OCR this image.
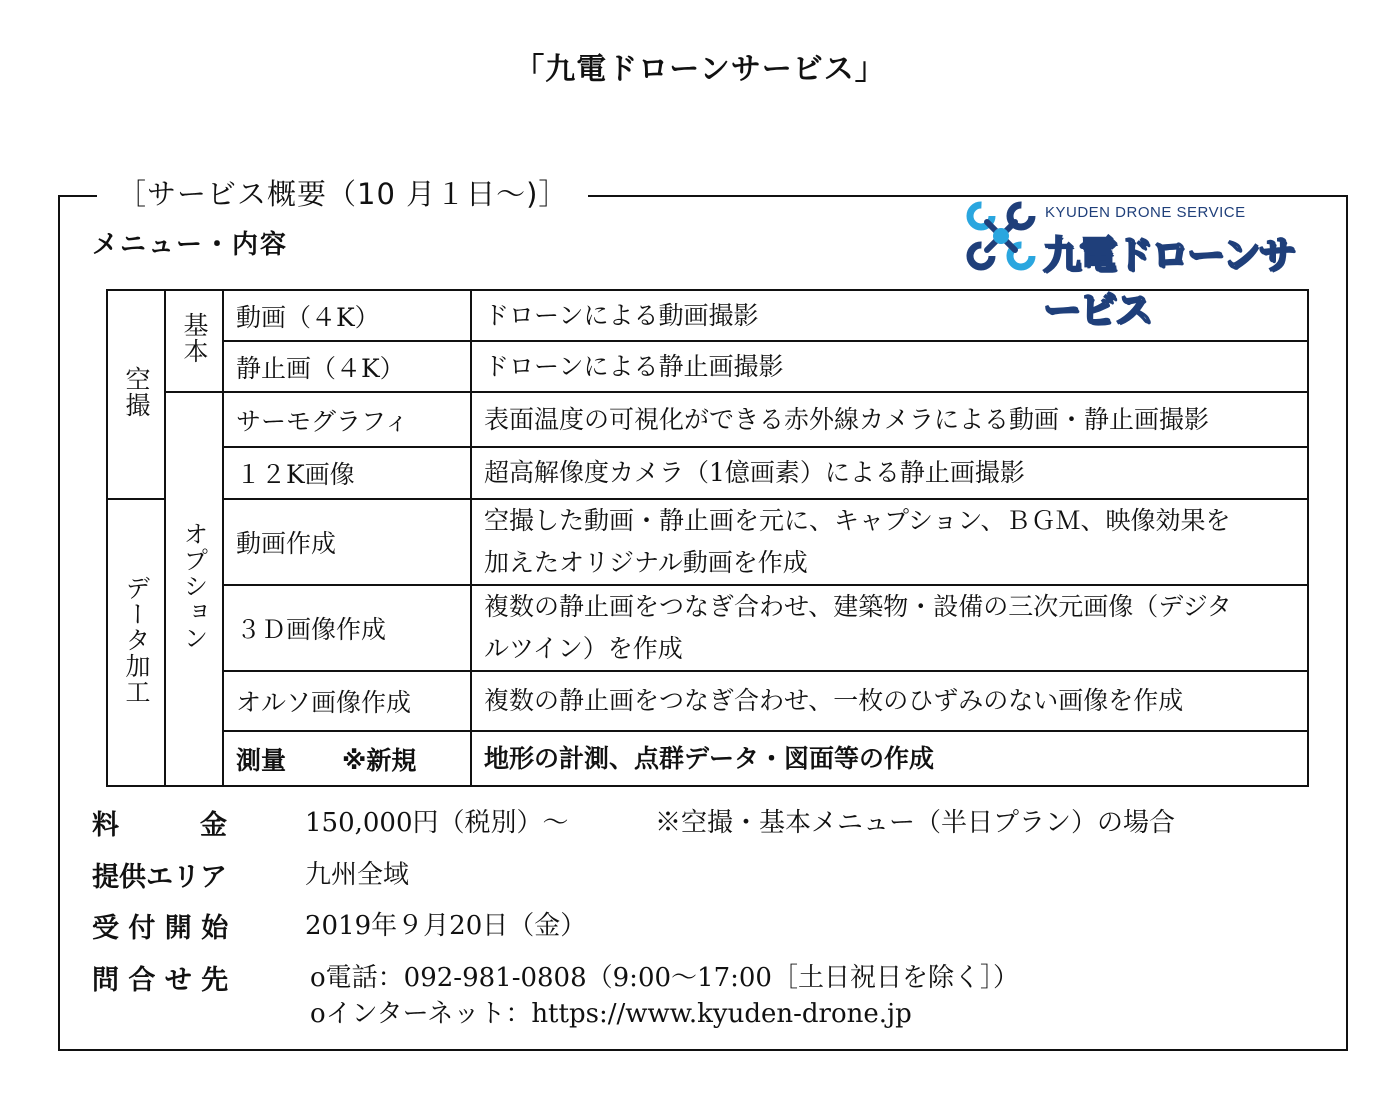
「九電ドローンサービス」
［サービス概要（10 月１日～)］
メニュー・内容
KYUDEN DRONE SERVICE
九電ドローンサービス
空撮	基本	動画（４K）	ドローンによる動画撮影
		静止画（４K）	ドローンによる静止画撮影
	オプション	サーモグラフィ	表面温度の可視化ができる赤外線カメラによる動画・静止画撮影
		１２K画像	超高解像度カメラ（1億画素）による静止画撮影
データ加工		動画作成	空撮した動画・静止画を元に、キャプション、ＢＧＭ、映像効果を
加えたオリジナル動画を作成

		３Ｄ画像作成	複数の静止画をつなぎ合わせ、建築物・設備の三次元画像（デジタ
ルツイン）を作成

		オルソ画像作成	複数の静止画をつなぎ合わせ、一枚のひずみのない画像を作成
		測量 ※新規	地形の計測、点群データ・図面等の作成
料　　　金	150,000円（税別）～	※空撮・基本メニュー（半日プラン）の場合
提供エリア	九州全域
受 付 開 始	2019年９月20日（金）
問 合 せ 先	o電話：092-981-0808（9:00～17:00［土日祝日を除く］）
oインターネット：https://www.kyuden-drone.jp
